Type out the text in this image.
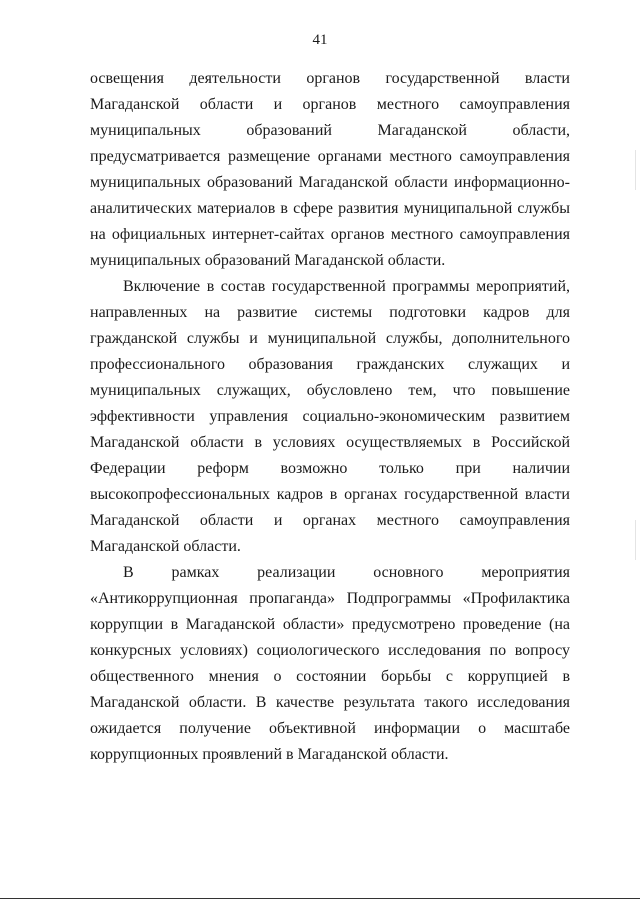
41

освещения деятельности органов государственной власти Магаданской области и органов местного самоуправления муниципальных образований Магаданской области, предусматривается размещение органами местного самоуправления муниципальных образований Магаданской области информационно-аналитических материалов в сфере развития муниципальной службы на официальных интернет-сайтах органов местного самоуправления муниципальных образований Магаданской области.

Включение в состав государственной программы мероприятий, направленных на развитие системы подготовки кадров для гражданской службы и муниципальной службы, дополнительного профессионального образования гражданских служащих и муниципальных служащих, обусловлено тем, что повышение эффективности управления социально-экономическим развитием Магаданской области в условиях осуществляемых в Российской Федерации реформ возможно только при наличии высокопрофессиональных кадров в органах государственной власти Магаданской области и органах местного самоуправления Магаданской области.

В рамках реализации основного мероприятия «Антикоррупционная пропаганда» Подпрограммы «Профилактика коррупции в Магаданской области» предусмотрено проведение (на конкурсных условиях) социологического исследования по вопросу общественного мнения о состоянии борьбы с коррупцией в Магаданской области. В качестве результата такого исследования ожидается получение объективной информации о масштабе коррупционных проявлений в Магаданской области.
